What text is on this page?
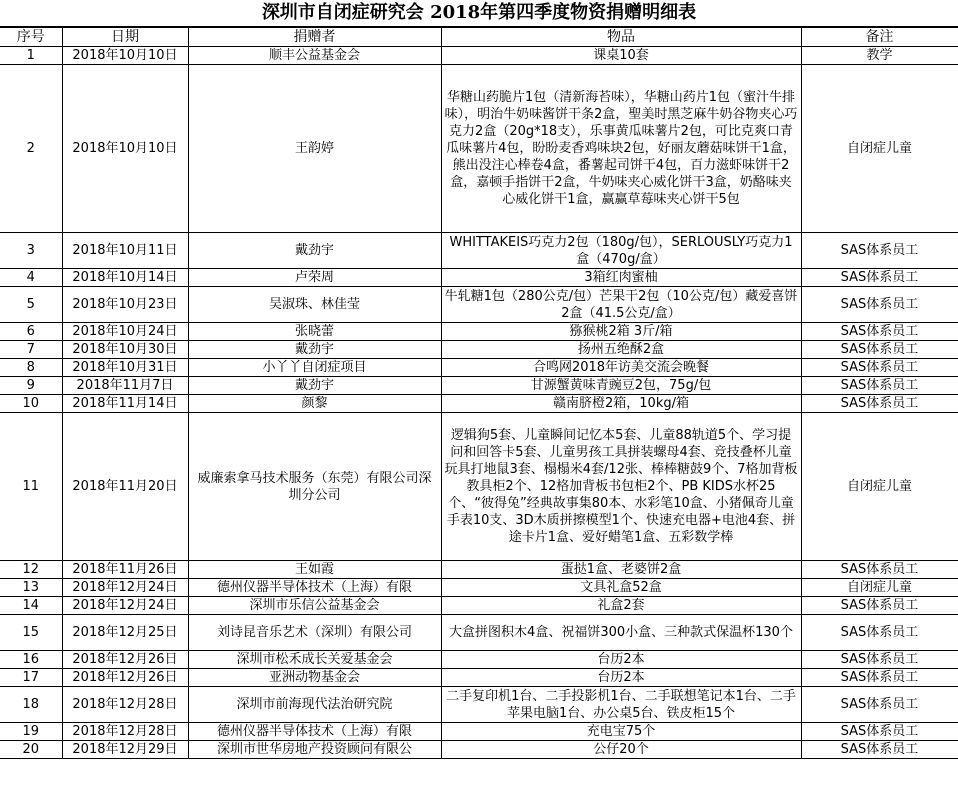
深圳市自闭症研究会 2018年第四季度物资捐赠明细表
序号	日期	捐赠者	物品	备注
1	2018年10月10日	顺丰公益基金会	课桌10套	教学
2	2018年10月10日	王韵婷	华糖山药脆片1包（清新海苔味），华糖山药片1包（蜜汁牛排味），明治牛奶味酱饼干条2盒，聖美时黑芝麻牛奶谷物夹心巧克力2盒（20g*18支），乐事黄瓜味薯片2包，可比克爽口青瓜味薯片4包，盼盼麦香鸡味块2包，好丽友蘑菇味饼干1盒，熊出没注心棒卷4盒，番薯起司饼干4包，百力滋虾味饼干2盒，嘉顿手指饼干2盒，牛奶味夹心威化饼干3盒，奶酪味夹心威化饼干1盒，赢赢草莓味夹心饼干5包	自闭症儿童
3	2018年10月11日	戴劲宇	WHITTAKEIS巧克力2包（180g/包），SERLOUSLY巧克力1盒（470g/盒）	SAS体系员工
4	2018年10月14日	卢荣周	3箱红肉蜜柚	SAS体系员工
5	2018年10月23日	吴淑珠、林佳莹	牛轧糖1包（280公克/包）芒果干2包（10公克/包）藏爱喜饼2盒（41.5公克/盒）	SAS体系员工
6	2018年10月24日	张晓蕾	猕猴桃2箱 3斤/箱	SAS体系员工
7	2018年10月30日	戴劲宇	扬州五绝酥2盒	SAS体系员工
8	2018年10月31日	小丫丫自闭症项目	合鸣网2018年访美交流会晚餐	SAS体系员工
9	2018年11月7日	戴劲宇	甘源蟹黄味青豌豆2包，75g/包	SAS体系员工
10	2018年11月14日	颜黎	赣南脐橙2箱，10kg/箱	SAS体系员工
11	2018年11月20日	威廉索拿马技术服务（东莞）有限公司深圳分公司	逻辑狗5套、儿童瞬间记忆本5套、儿童88轨道5个、学习提问和回答卡5套、儿童男孩工具拼装螺母4套、竞技叠杯儿童玩具打地鼠3套、榻榻米4套/12张、棒棒糖鼓9个、7格加背板教具柜2个、12格加背板书包柜2个、PB KIDS水杯25个、“彼得兔”经典故事集80本、水彩笔10盒、小猪佩奇儿童手表10支、3D木质拼擦模型1个、快速充电器+电池4套、拼途卡片1盒、爱好蜡笔1盒、五彩数学棒	自闭症儿童
12	2018年11月26日	王如霞	蛋挞1盒、老婆饼2盒	SAS体系员工
13	2018年12月24日	德州仪器半导体技术（上海）有限	文具礼盒52盒	自闭症儿童
14	2018年12月24日	深圳市乐信公益基金会	礼盒2套	SAS体系员工
15	2018年12月25日	刘诗昆音乐艺术（深圳）有限公司	大盒拼图积木4盒、祝福饼300小盒、三种款式保温杯130个	SAS体系员工
16	2018年12月26日	深圳市松禾成长关爱基金会	台历2本	SAS体系员工
17	2018年12月26日	亚洲动物基金会	台历2本	SAS体系员工
18	2018年12月28日	深圳市前海现代法治研究院	二手复印机1台、二手投影机1台、二手联想笔记本1台、二手苹果电脑1台、办公桌5台、铁皮柜15个	SAS体系员工
19	2018年12月28日	德州仪器半导体技术（上海）有限	充电宝75个	SAS体系员工
20	2018年12月29日	深圳市世华房地产投资顾问有限公	公仔20个	SAS体系员工
